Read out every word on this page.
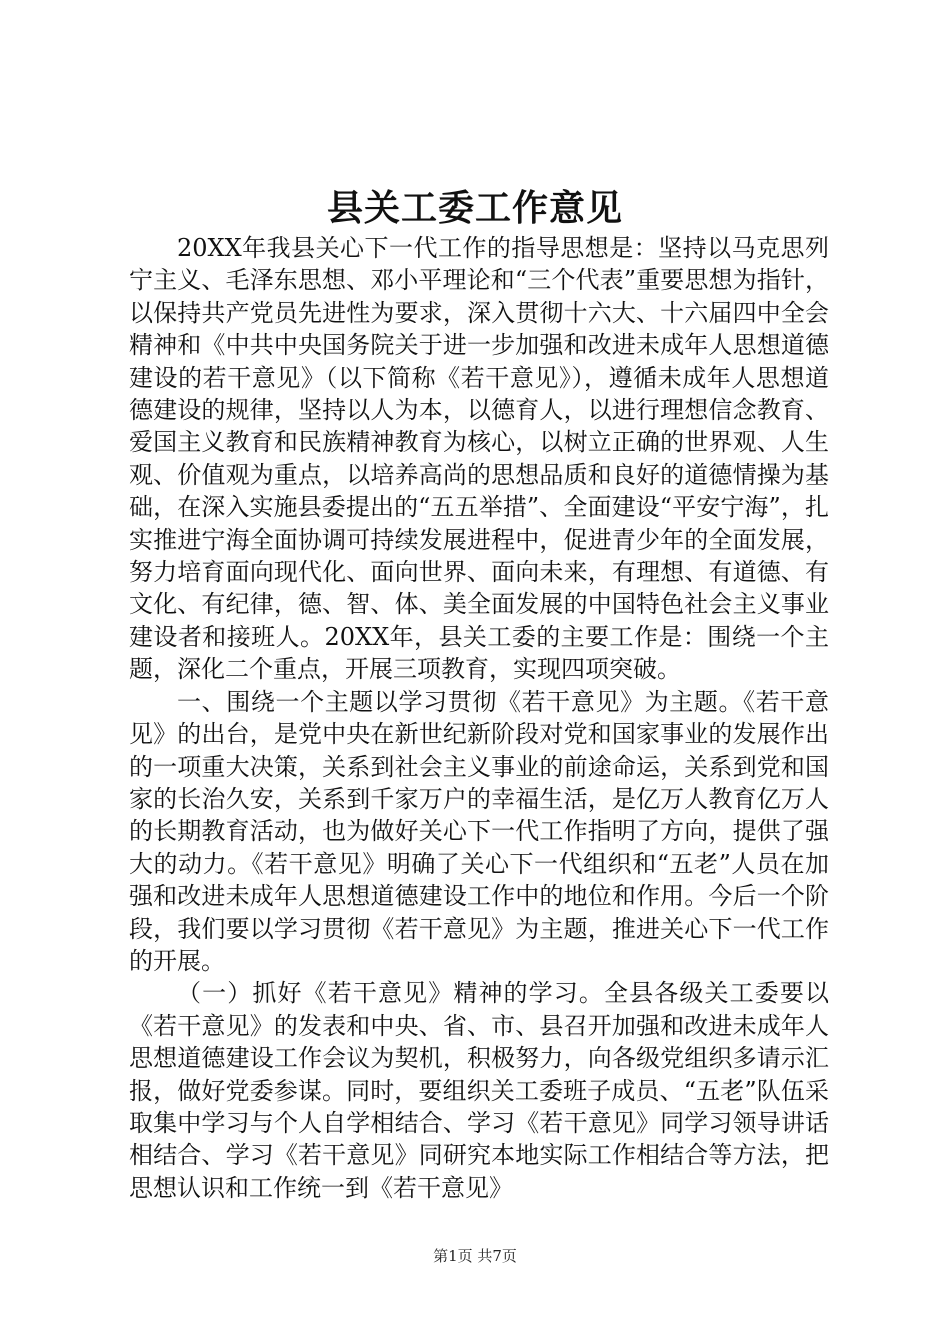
县关工委工作意见

20XX年我县关心下一代工作的指导思想是：坚持以马克思列宁主义、毛泽东思想、邓小平理论和“三个代表”重要思想为指针，以保持共产党员先进性为要求，深入贯彻十六大、十六届四中全会精神和《中共中央国务院关于进一步加强和改进未成年人思想道德建设的若干意见》（以下简称《若干意见》），遵循未成年人思想道德建设的规律，坚持以人为本，以德育人，以进行理想信念教育、爱国主义教育和民族精神教育为核心，以树立正确的世界观、人生观、价值观为重点，以培养高尚的思想品质和良好的道德情操为基础，在深入实施县委提出的“五五举措”、全面建设“平安宁海”，扎实推进宁海全面协调可持续发展进程中，促进青少年的全面发展，努力培育面向现代化、面向世界、面向未来，有理想、有道德、有文化、有纪律，德、智、体、美全面发展的中国特色社会主义事业建设者和接班人。20XX年，县关工委的主要工作是：围绕一个主题，深化二个重点，开展三项教育，实现四项突破。

一、围绕一个主题以学习贯彻《若干意见》为主题。《若干意见》的出台，是党中央在新世纪新阶段对党和国家事业的发展作出的一项重大决策，关系到社会主义事业的前途命运，关系到党和国家的长治久安，关系到千家万户的幸福生活，是亿万人教育亿万人的长期教育活动，也为做好关心下一代工作指明了方向，提供了强大的动力。《若干意见》明确了关心下一代组织和“五老”人员在加强和改进未成年人思想道德建设工作中的地位和作用。今后一个阶段，我们要以学习贯彻《若干意见》为主题，推进关心下一代工作的开展。

（一）抓好《若干意见》精神的学习。全县各级关工委要以《若干意见》的发表和中央、省、市、县召开加强和改进未成年人思想道德建设工作会议为契机，积极努力，向各级党组织多请示汇报，做好党委参谋。同时，要组织关工委班子成员、“五老”队伍采取集中学习与个人自学相结合、学习《若干意见》同学习领导讲话相结合、学习《若干意见》同研究本地实际工作相结合等方法，把思想认识和工作统一到《若干意见》

第1页 共7页
